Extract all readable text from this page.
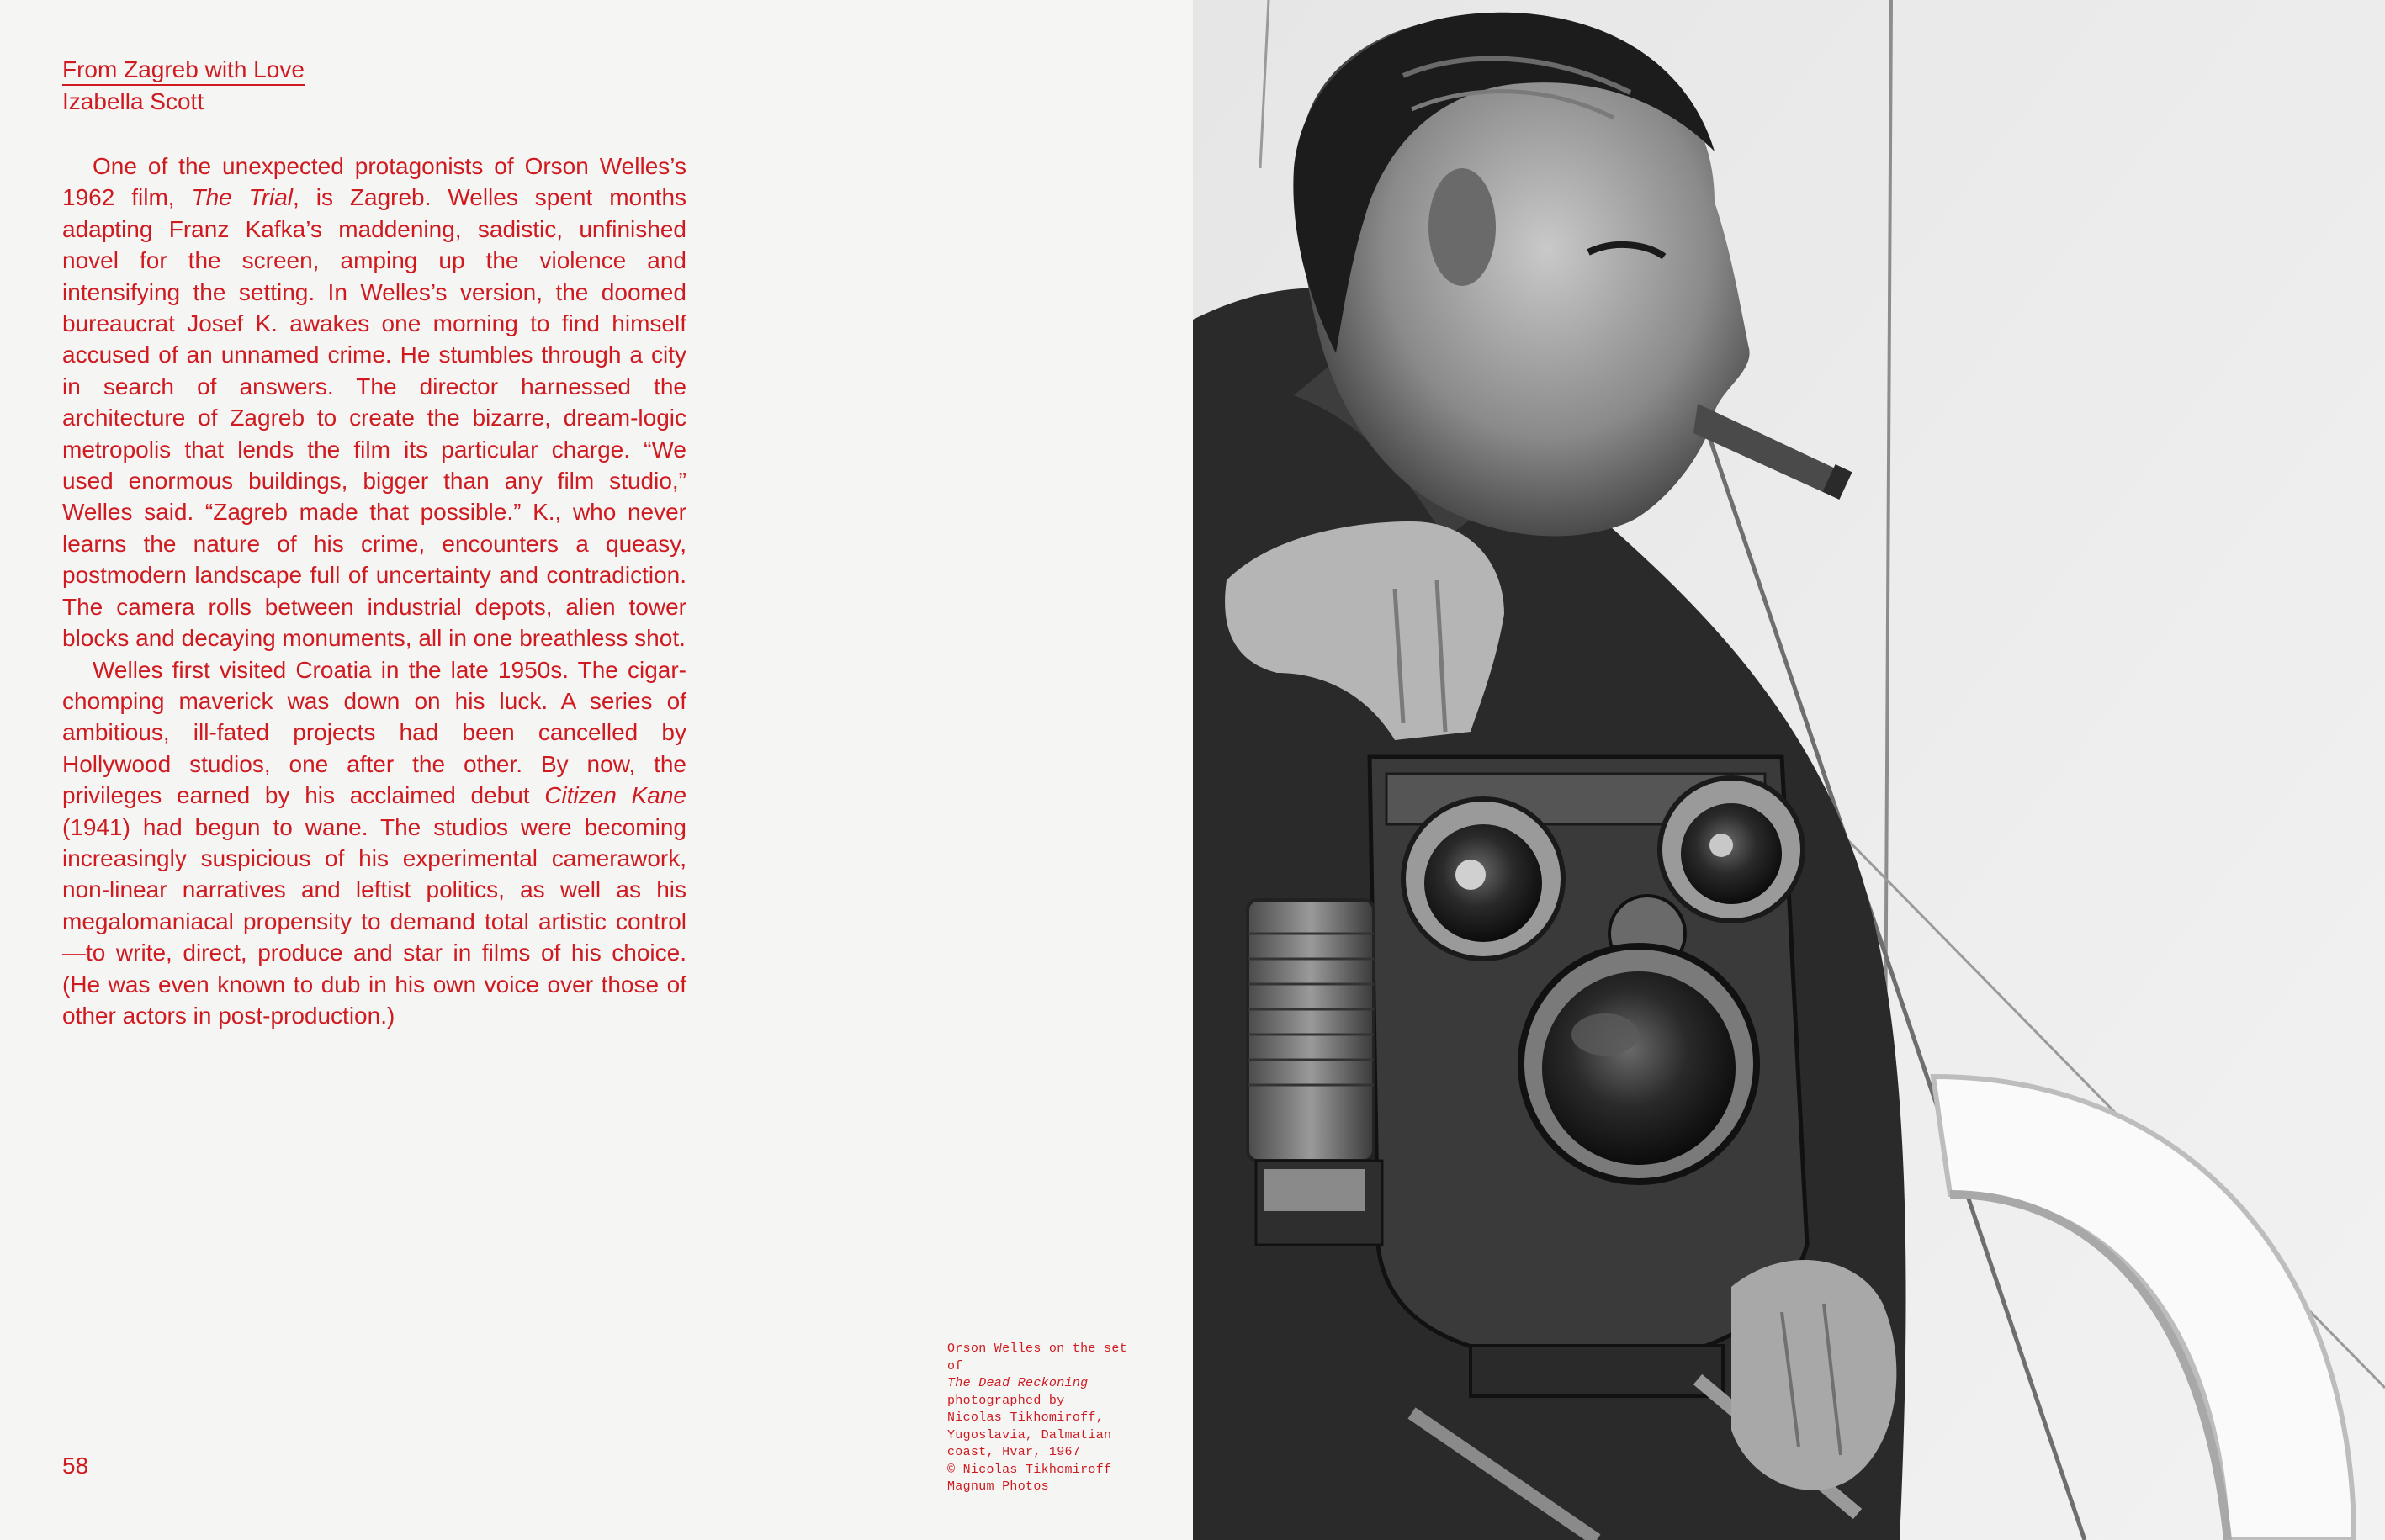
From Zagreb with Love
Izabella Scott

One of the unexpected protagonists of Orson Welles’s 1962 film, The Trial, is Zagreb. Welles spent months adapting Franz Kafka’s maddening, sadistic, unfinished novel for the screen, amping up the violence and intensifying the setting. In Welles’s version, the doomed bureaucrat Josef K. awakes one morning to find himself accused of an unnamed crime. He stumbles through a city in search of answers. The director harnessed the architecture of Zagreb to create the bizarre, dream-logic metropolis that lends the film its particular charge. “We used enormous buildings, bigger than any film studio,” Welles said. “Zagreb made that possible.” K., who never learns the nature of his crime, encounters a queasy, postmodern landscape full of uncertainty and contradiction. The camera rolls between industrial depots, alien tower blocks and decaying monuments, all in one breathless shot.

Welles first visited Croatia in the late 1950s. The cigar-chomping maverick was down on his luck. A series of ambitious, ill-fated projects had been cancelled by Hollywood studios, one after the other. By now, the privileges earned by his acclaimed debut Citizen Kane (1941) had begun to wane. The studios were becoming increasingly suspicious of his experimental camerawork, non-linear narratives and leftist politics, as well as his megalomaniacal propensity to demand total artistic control—to write, direct, produce and star in films of his choice. (He was even known to dub in his own voice over those of other actors in post-production.)

Orson Welles on the set
of
The Dead Reckoning
photographed by
Nicolas Tikhomiroff,
Yugoslavia, Dalmatian
coast, Hvar, 1967
© Nicolas Tikhomiroff
Magnum Photos
58
